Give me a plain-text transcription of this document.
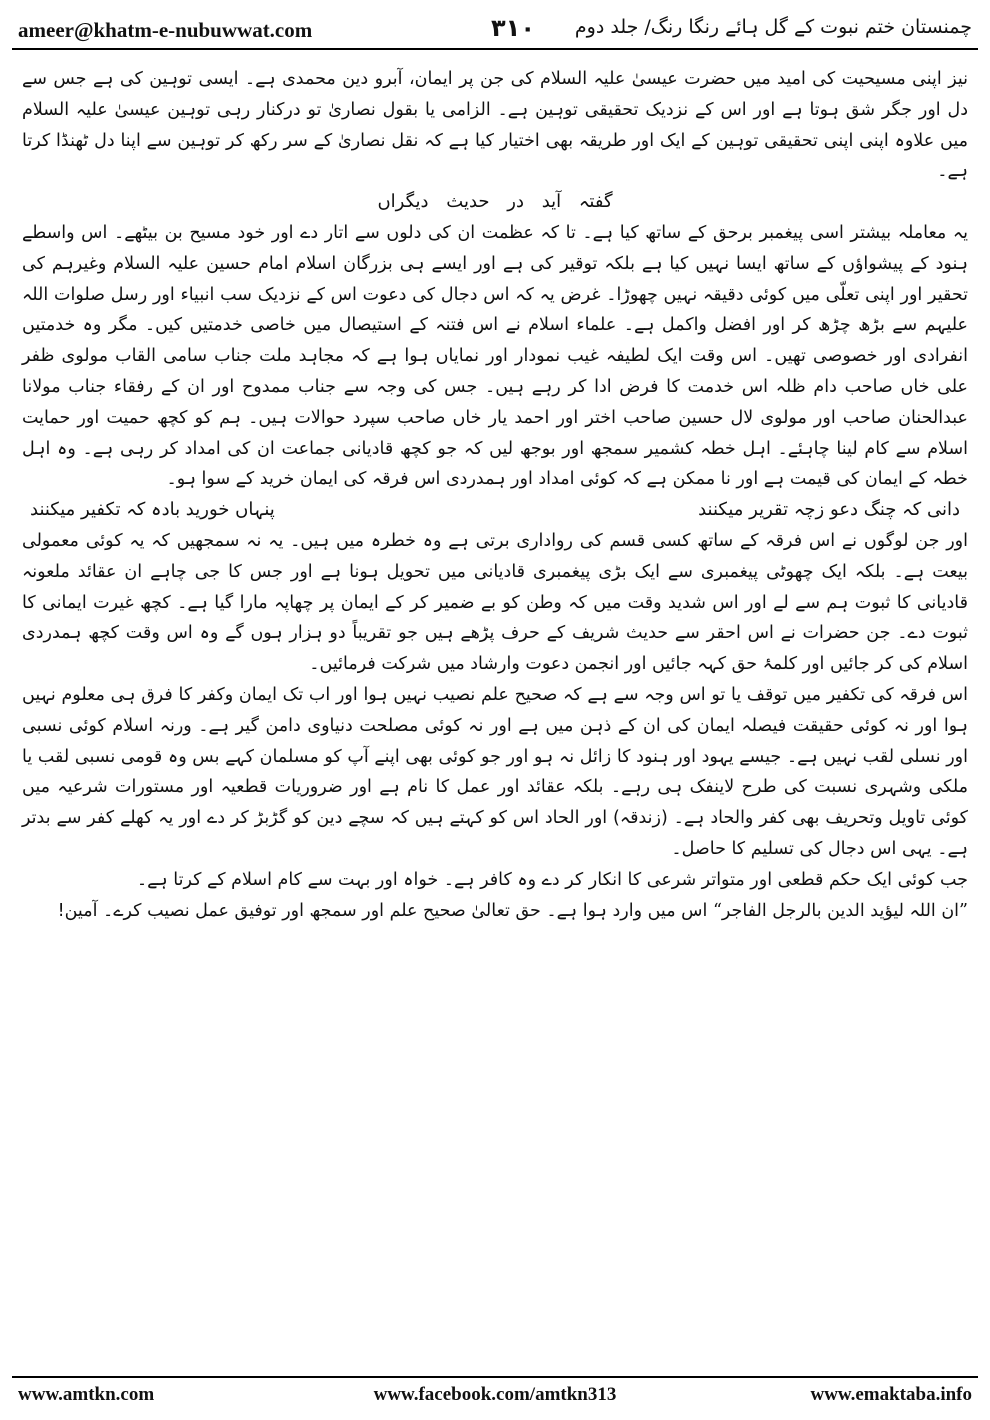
ameer@khatm-e-nubuwwat.com	۳۱۰	چمنستان ختم نبوت کے گل ہائے رنگا رنگ/ جلد دوم

نیز اپنی مسیحیت کی امید میں حضرت عیسیٰ علیہ السلام کی جن پر ایمان، آبرو دین محمدی ہے۔ ایسی توہین کی ہے جس سے دل اور جگر شق ہوتا ہے اور اس کے نزدیک تحقیقی توہین ہے۔ الزامی یا بقول نصاریٰ تو درکنار رہی توہین عیسیٰ علیہ السلام میں علاوہ اپنی اپنی تحقیقی توہین کے ایک اور طریقہ بھی اختیار کیا ہے کہ نقل نصاریٰ کے سر رکھ کر توہین سے اپنا دل ٹھنڈا کرتا ہے۔

گفتہ آید در حدیث دیگراں

یہ معاملہ بیشتر اسی پیغمبر برحق کے ساتھ کیا ہے۔ تا کہ عظمت ان کی دلوں سے اتار دے اور خود مسیح بن بیٹھے۔ اس واسطے ہنود کے پیشواؤں کے ساتھ ایسا نہیں کیا ہے بلکہ توقیر کی ہے اور ایسے ہی بزرگان اسلام امام حسین علیہ السلام وغیرہم کی تحقیر اور اپنی تعلّی میں کوئی دقیقہ نہیں چھوڑا۔ غرض یہ کہ اس دجال کی دعوت اس کے نزدیک سب انبیاء اور رسل صلوات اللہ علیہم سے بڑھ چڑھ کر اور افضل واکمل ہے۔ علماء اسلام نے اس فتنہ کے استیصال میں خاصی خدمتیں کیں۔ مگر وہ خدمتیں انفرادی اور خصوصی تھیں۔ اس وقت ایک لطیفہ غیب نمودار اور نمایاں ہوا ہے کہ مجاہد ملت جناب سامی القاب مولوی ظفر علی خاں صاحب دام ظلہ اس خدمت کا فرض ادا کر رہے ہیں۔ جس کی وجہ سے جناب ممدوح اور ان کے رفقاء جناب مولانا عبدالحنان صاحب اور مولوی لال حسین صاحب اختر اور احمد یار خاں صاحب سپرد حوالات ہیں۔ ہم کو کچھ حمیت اور حمایت اسلام سے کام لینا چاہئے۔ اہل خطہ کشمیر سمجھ اور بوجھ لیں کہ جو کچھ قادیانی جماعت ان کی امداد کر رہی ہے۔ وہ اہل خطہ کے ایمان کی قیمت ہے اور نا ممکن ہے کہ کوئی امداد اور ہمدردی اس فرقہ کی ایمان خرید کے سوا ہو۔

دانی کہ چنگ دعو زچہ تقریر میکنند
پنہاں خورید بادہ کہ تکفیر میکنند

اور جن لوگوں نے اس فرقہ کے ساتھ کسی قسم کی رواداری برتی ہے وہ خطرہ میں ہیں۔ یہ نہ سمجھیں کہ یہ کوئی معمولی بیعت ہے۔ بلکہ ایک چھوٹی پیغمبری سے ایک بڑی پیغمبری قادیانی میں تحویل ہونا ہے اور جس کا جی چاہے ان عقائد ملعونہ قادیانی کا ثبوت ہم سے لے اور اس شدید وقت میں کہ وطن کو بے ضمیر کر کے ایمان پر چھاپہ مارا گیا ہے۔ کچھ غیرت ایمانی کا ثبوت دے۔ جن حضرات نے اس احقر سے حدیث شریف کے حرف پڑھے ہیں جو تقریباً دو ہزار ہوں گے وہ اس وقت کچھ ہمدردی اسلام کی کر جائیں اور کلمۂ حق کہہ جائیں اور انجمن دعوت وارشاد میں شرکت فرمائیں۔

اس فرقہ کی تکفیر میں توقف یا تو اس وجہ سے ہے کہ صحیح علم نصیب نہیں ہوا اور اب تک ایمان وکفر کا فرق ہی معلوم نہیں ہوا اور نہ کوئی حقیقت فیصلہ ایمان کی ان کے ذہن میں ہے اور نہ کوئی مصلحت دنیاوی دامن گیر ہے۔ ورنہ اسلام کوئی نسبی اور نسلی لقب نہیں ہے۔ جیسے یہود اور ہنود کا زائل نہ ہو اور جو کوئی بھی اپنے آپ کو مسلمان کہے بس وہ قومی نسبی لقب یا ملکی وشہری نسبت کی طرح لاینفک ہی رہے۔ بلکہ عقائد اور عمل کا نام ہے اور ضروریات قطعیہ اور مستورات شرعیہ میں کوئی تاویل وتحریف بھی کفر والحاد ہے۔ (زندقہ) اور الحاد اس کو کہتے ہیں کہ سچے دین کو گڑبڑ کر دے اور یہ کھلے کفر سے بدتر ہے۔ یہی اس دجال کی تسلیم کا حاصل۔

جب کوئی ایک حکم قطعی اور متواتر شرعی کا انکار کر دے وہ کافر ہے۔ خواہ اور بہت سے کام اسلام کے کرتا ہے۔

”ان اللہ لیؤید الدین بالرجل الفاجر“ اس میں وارد ہوا ہے۔ حق تعالیٰ صحیح علم اور سمجھ اور توفیق عمل نصیب کرے۔ آمین!

www.amtkn.com	www.facebook.com/amtkn313	www.emaktaba.info
